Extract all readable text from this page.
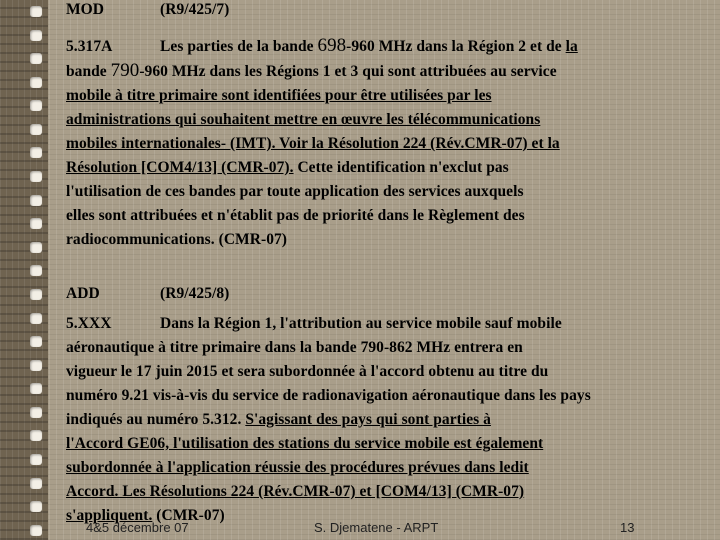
MOD	(R9/425/7)
5.317A	Les parties de la bande 698-960 MHz dans la Région 2 et de la
bande 790-960 MHz dans les Régions 1 et 3 qui sont attribuées au service
mobile à titre primaire sont identifiées pour être utilisées par les
administrations qui souhaitent mettre en œuvre les télécommunications
mobiles internationales- (IMT). Voir la Résolution 224 (Rév.CMR-07) et la
Résolution [COM4/13] (CMR-07). Cette identification n'exclut pas
l'utilisation de ces bandes par toute application des services auxquels
elles sont attribuées et n'établit pas de priorité dans le Règlement des
radiocommunications. (CMR-07)
ADD	(R9/425/8)
5.XXX	Dans la Région 1, l'attribution au service mobile sauf mobile
aéronautique à titre primaire dans la bande 790-862 MHz entrera en
vigueur le 17 juin 2015 et sera subordonnée à l'accord obtenu au titre du
numéro 9.21 vis-à-vis du service de radionavigation aéronautique dans les pays
indiqués au numéro 5.312. S'agissant des pays qui sont parties à
l'Accord GE06, l'utilisation des stations du service mobile est également
subordonnée à l'application réussie des procédures prévues dans ledit
Accord. Les Résolutions 224 (Rév.CMR-07) et [COM4/13] (CMR-07)
s'appliquent. (CMR-07)
4&5 décembre 07	S. Djematene - ARPT	13
